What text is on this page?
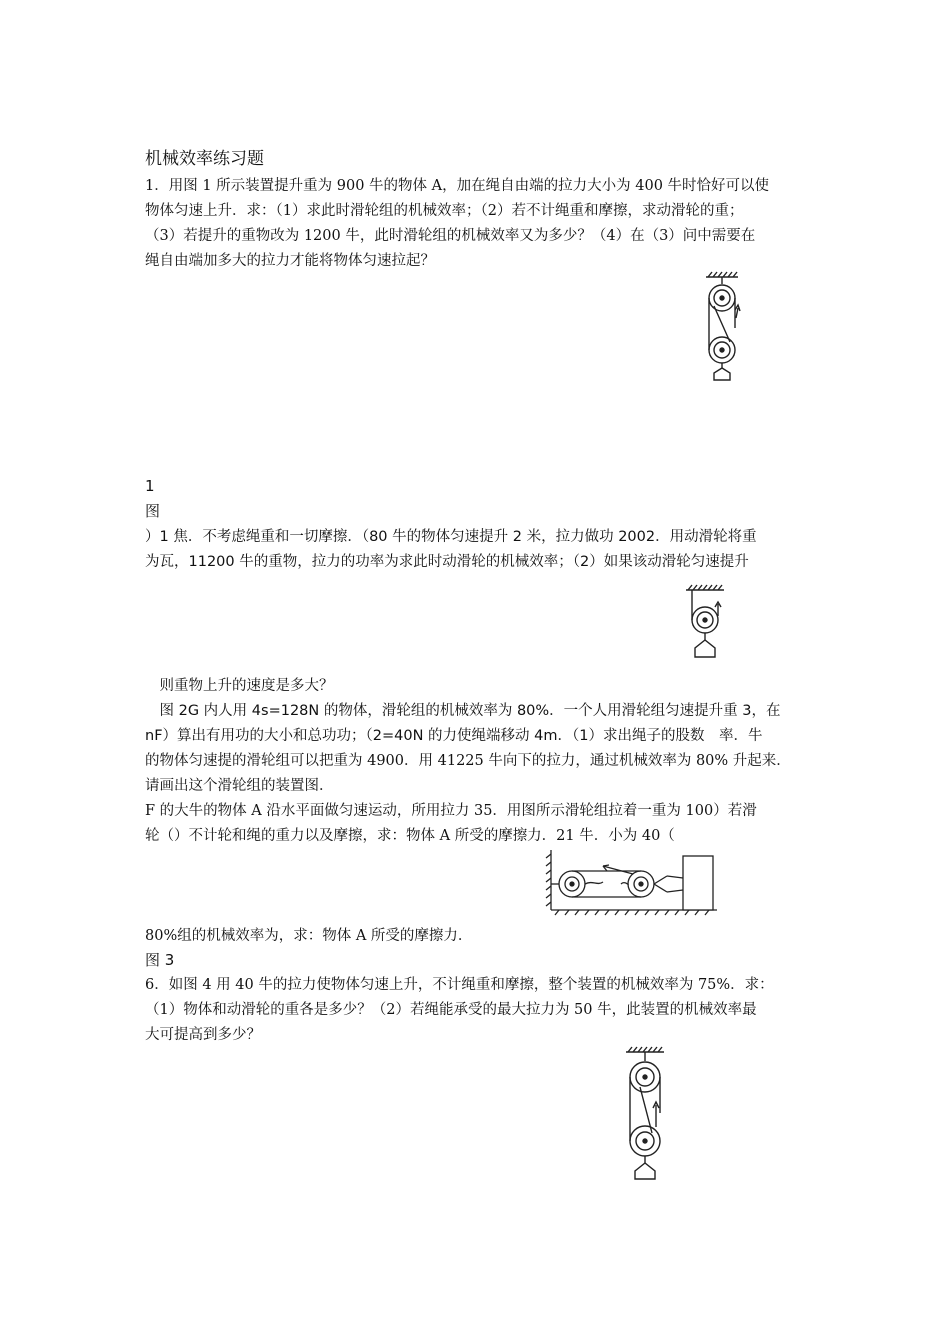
机械效率练习题
1．用图 1 所示装置提升重为 900 牛的物体 A，加在绳自由端的拉力大小为 400 牛时恰好可以使
物体匀速上升．求：（1）求此时滑轮组的机械效率；（2）若不计绳重和摩擦，求动滑轮的重；
（3）若提升的重物改为 1200 牛，此时滑轮组的机械效率又为多少？（4）在（3）问中需要在
绳自由端加多大的拉力才能将物体匀速拉起？
1
图
）1 焦．不考虑绳重和一切摩擦．（80 牛的物体匀速提升 2 米，拉力做功 2002．用动滑轮将重
为瓦，11200 牛的重物，拉力的功率为求此时动滑轮的机械效率；（2）如果该动滑轮匀速提升
　则重物上升的速度是多大？
　图 2G 内人用 4s=128N 的物体，滑轮组的机械效率为 80%．一个人用滑轮组匀速提升重 3，在
nF）算出有用功的大小和总功功；（2=40N 的力使绳端移动 4m．（1）求出绳子的股数　率．牛
的物体匀速提的滑轮组可以把重为 4900．用 41225 牛向下的拉力，通过机械效率为 80% 升起来．
请画出这个滑轮组的装置图．
F 的大牛的物体 A 沿水平面做匀速运动，所用拉力 35．用图所示滑轮组拉着一重为 100）若滑
轮（）不计轮和绳的重力以及摩擦，求：物体 A 所受的摩擦力．21 牛．小为 40（
80%组的机械效率为，求：物体 A 所受的摩擦力．
图 3
6．如图 4 用 40 牛的拉力使物体匀速上升，不计绳重和摩擦，整个装置的机械效率为 75%．求：
（1）物体和动滑轮的重各是多少？（2）若绳能承受的最大拉力为 50 牛，此装置的机械效率最
大可提高到多少？
